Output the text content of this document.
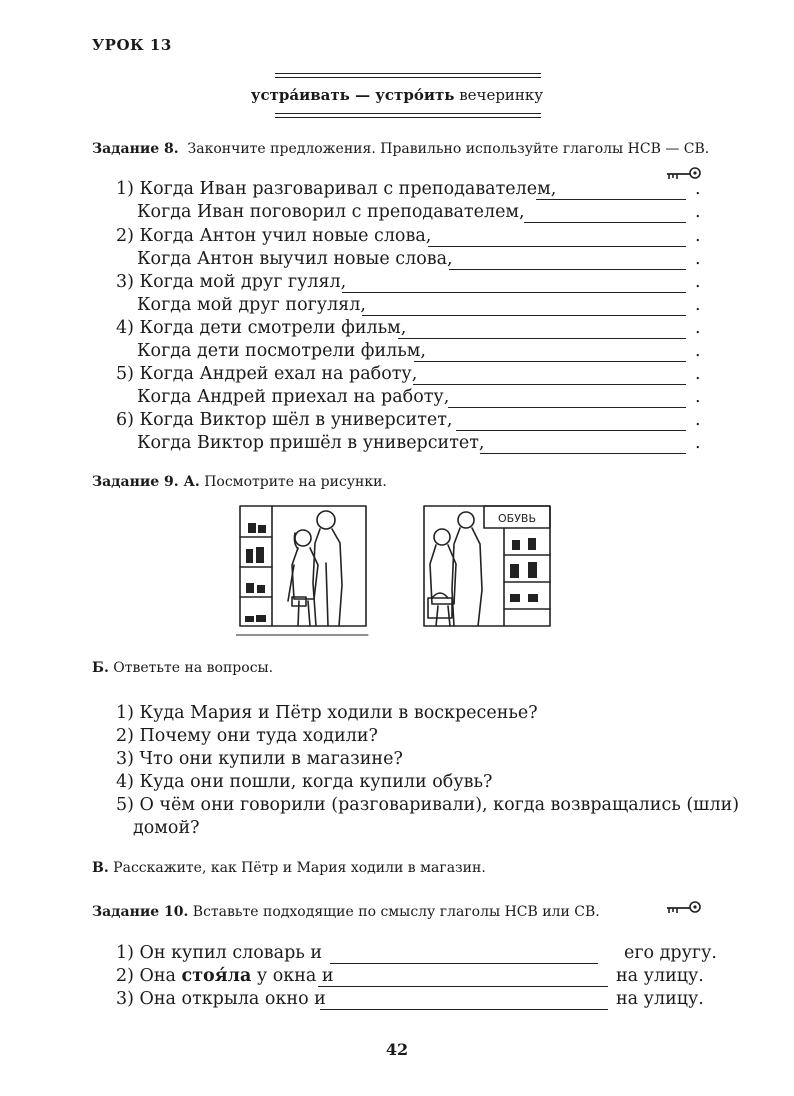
УРОК 13
устра́ивать — устро́ить вечеринку
Задание 8. Закончите предложения. Правильно используйте глаголы НСВ — СВ.
1) Когда Иван разговаривал с преподавателем,	.
Когда Иван поговорил с преподавателем,	.
2) Когда Антон учил новые слова,	.
Когда Антон выучил новые слова,	.
3) Когда мой друг гулял,	.
Когда мой друг погулял,	.
4) Когда дети смотрели фильм,	.
Когда дети посмотрели фильм,	.
5) Когда Андрей ехал на работу,	.
Когда Андрей приехал на работу,	.
6) Когда Виктор шёл в университет,	.
Когда Виктор пришёл в университет,	.
Задание 9. А. Посмотрите на рисунки.
ОБУВЬ
Б. Ответьте на вопросы.
1) Куда Мария и Пётр ходили в воскресенье?
2) Почему они туда ходили?
3) Что они купили в магазине?
4) Куда они пошли, когда купили обувь?
5) О чём они говорили (разговаривали), когда возвращались (шли)
домой?
В. Расскажите, как Пётр и Мария ходили в магазин.
Задание 10. Вставьте подходящие по смыслу глаголы НСВ или СВ.
1) Он купил словарь и	его другу.
2) Она стоя́ла у окна и	на улицу.
3) Она открыла окно и	на улицу.
42
